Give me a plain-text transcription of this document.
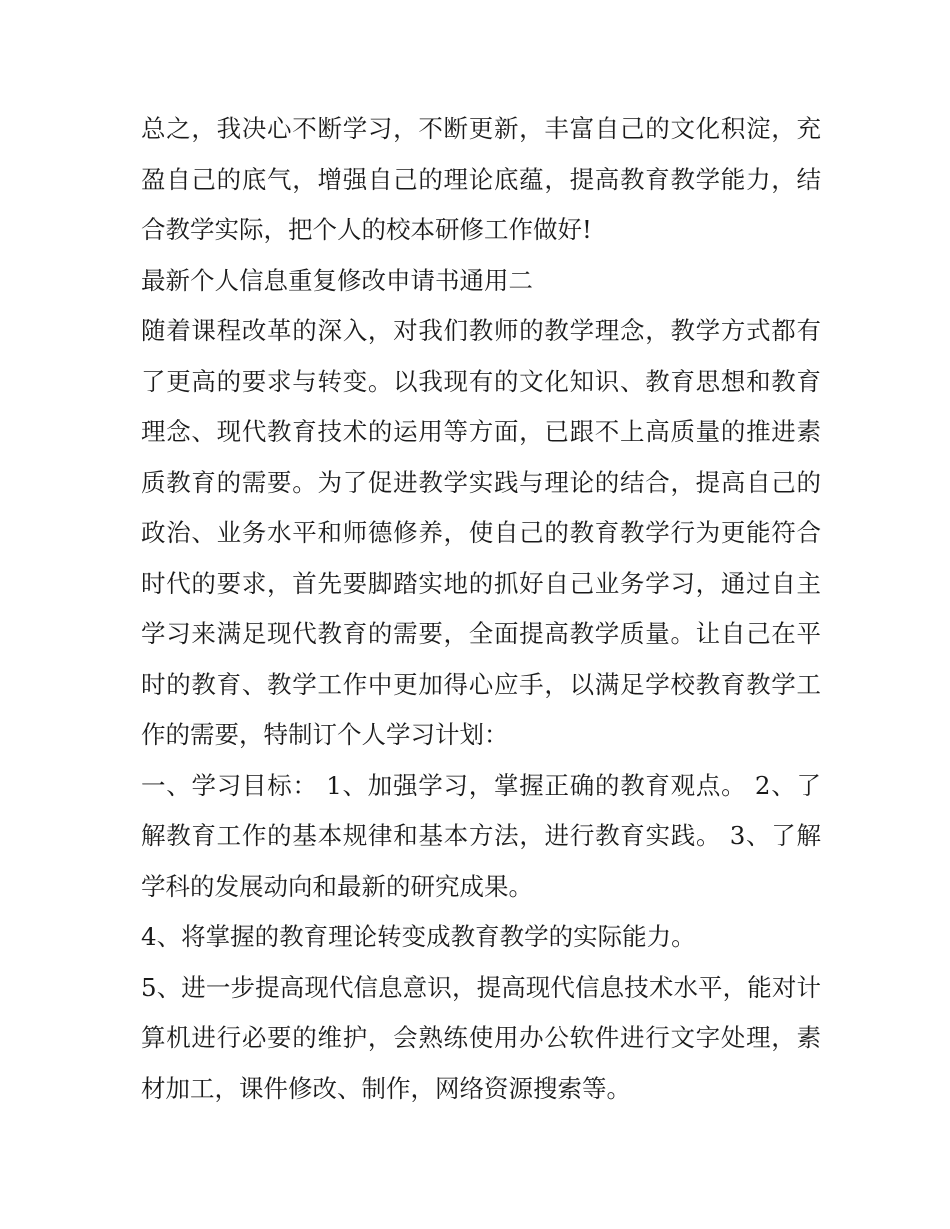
总之，我决心不断学习，不断更新，丰富自己的文化积淀，充盈自己的底气，增强自己的理论底蕴，提高教育教学能力，结合教学实际，把个人的校本研修工作做好!

最新个人信息重复修改申请书通用二

随着课程改革的深入，对我们教师的教学理念，教学方式都有了更高的要求与转变。以我现有的文化知识、教育思想和教育理念、现代教育技术的运用等方面，已跟不上高质量的推进素质教育的需要。为了促进教学实践与理论的结合，提高自己的政治、业务水平和师德修养，使自己的教育教学行为更能符合时代的要求，首先要脚踏实地的抓好自己业务学习，通过自主学习来满足现代教育的需要，全面提高教学质量。让自己在平时的教育、教学工作中更加得心应手，以满足学校教育教学工作的需要，特制订个人学习计划：

一、学习目标： 1、加强学习，掌握正确的教育观点。 2、了解教育工作的基本规律和基本方法，进行教育实践。 3、了解学科的发展动向和最新的研究成果。

4、将掌握的教育理论转变成教育教学的实际能力。

5、进一步提高现代信息意识，提高现代信息技术水平，能对计算机进行必要的维护，会熟练使用办公软件进行文字处理，素材加工，课件修改、制作，网络资源搜索等。
